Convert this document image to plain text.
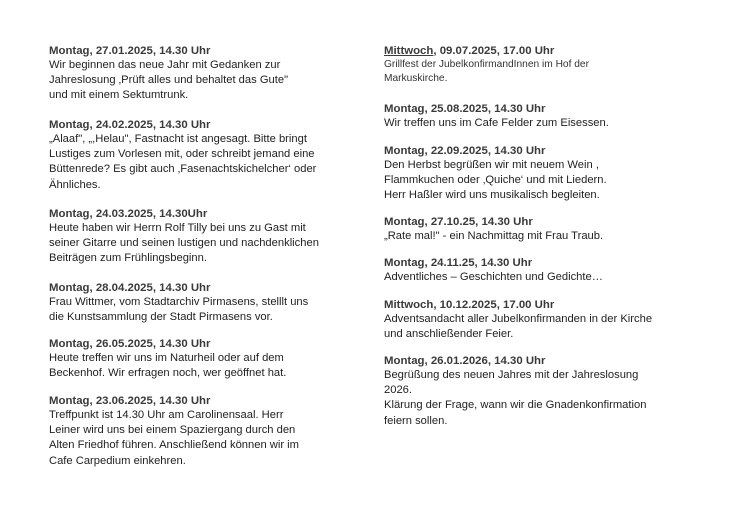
Montag, 27.01.2025, 14.30 Uhr

Wir beginnen das neue Jahr mit Gedanken zur

Jahreslosung ‚Prüft alles und behaltet das Gute"

und mit einem Sektumtrunk.

Montag, 24.02.2025, 14.30 Uhr

„Alaaf", „,Helau", Fastnacht ist angesagt. Bitte bringt

Lustiges zum Vorlesen mit, oder schreibt jemand eine

Büttenrede? Es gibt auch ‚Fasenachtskichelcher‘ oder

Ähnliches.

Montag, 24.03.2025, 14.30Uhr

Heute haben wir Herrn Rolf Tilly bei uns zu Gast mit

seiner Gitarre und seinen lustigen und nachdenklichen

Beiträgen zum Frühlingsbeginn.

Montag, 28.04.2025, 14.30 Uhr

Frau Wittmer, vom Stadtarchiv Pirmasens, stelllt uns

die Kunstsammlung der Stadt Pirmasens vor.

Montag, 26.05.2025, 14.30 Uhr

Heute treffen wir uns im Naturheil oder auf dem

Beckenhof. Wir erfragen noch, wer geöffnet hat.

Montag, 23.06.2025, 14.30 Uhr

Treffpunkt ist 14.30 Uhr am Carolinensaal. Herr

Leiner wird uns bei einem Spaziergang durch den

Alten Friedhof führen. Anschließend können wir im

Cafe Carpedium einkehren.

Mittwoch, 09.07.2025, 17.00 Uhr

Grillfest der JubelkonfirmandInnen im Hof der

Markuskirche.

Montag, 25.08.2025, 14.30 Uhr

Wir treffen uns im Cafe Felder zum Eisessen.

Montag, 22.09.2025, 14.30 Uhr

Den Herbst begrüßen wir mit neuem Wein ,

Flammkuchen oder ‚Quiche‘ und mit Liedern.

Herr Haßler wird uns musikalisch begleiten.

Montag, 27.10.25, 14.30 Uhr

„Rate mal!" - ein Nachmittag mit Frau Traub.

Montag, 24.11.25, 14.30 Uhr

Adventliches – Geschichten und Gedichte…

Mittwoch, 10.12.2025, 17.00 Uhr

Adventsandacht aller Jubelkonfirmanden in der Kirche

und anschließender Feier.

Montag, 26.01.2026, 14.30 Uhr

Begrüßung des neuen Jahres mit der Jahreslosung

2026.

Klärung der Frage, wann wir die Gnadenkonfirmation

feiern sollen.
